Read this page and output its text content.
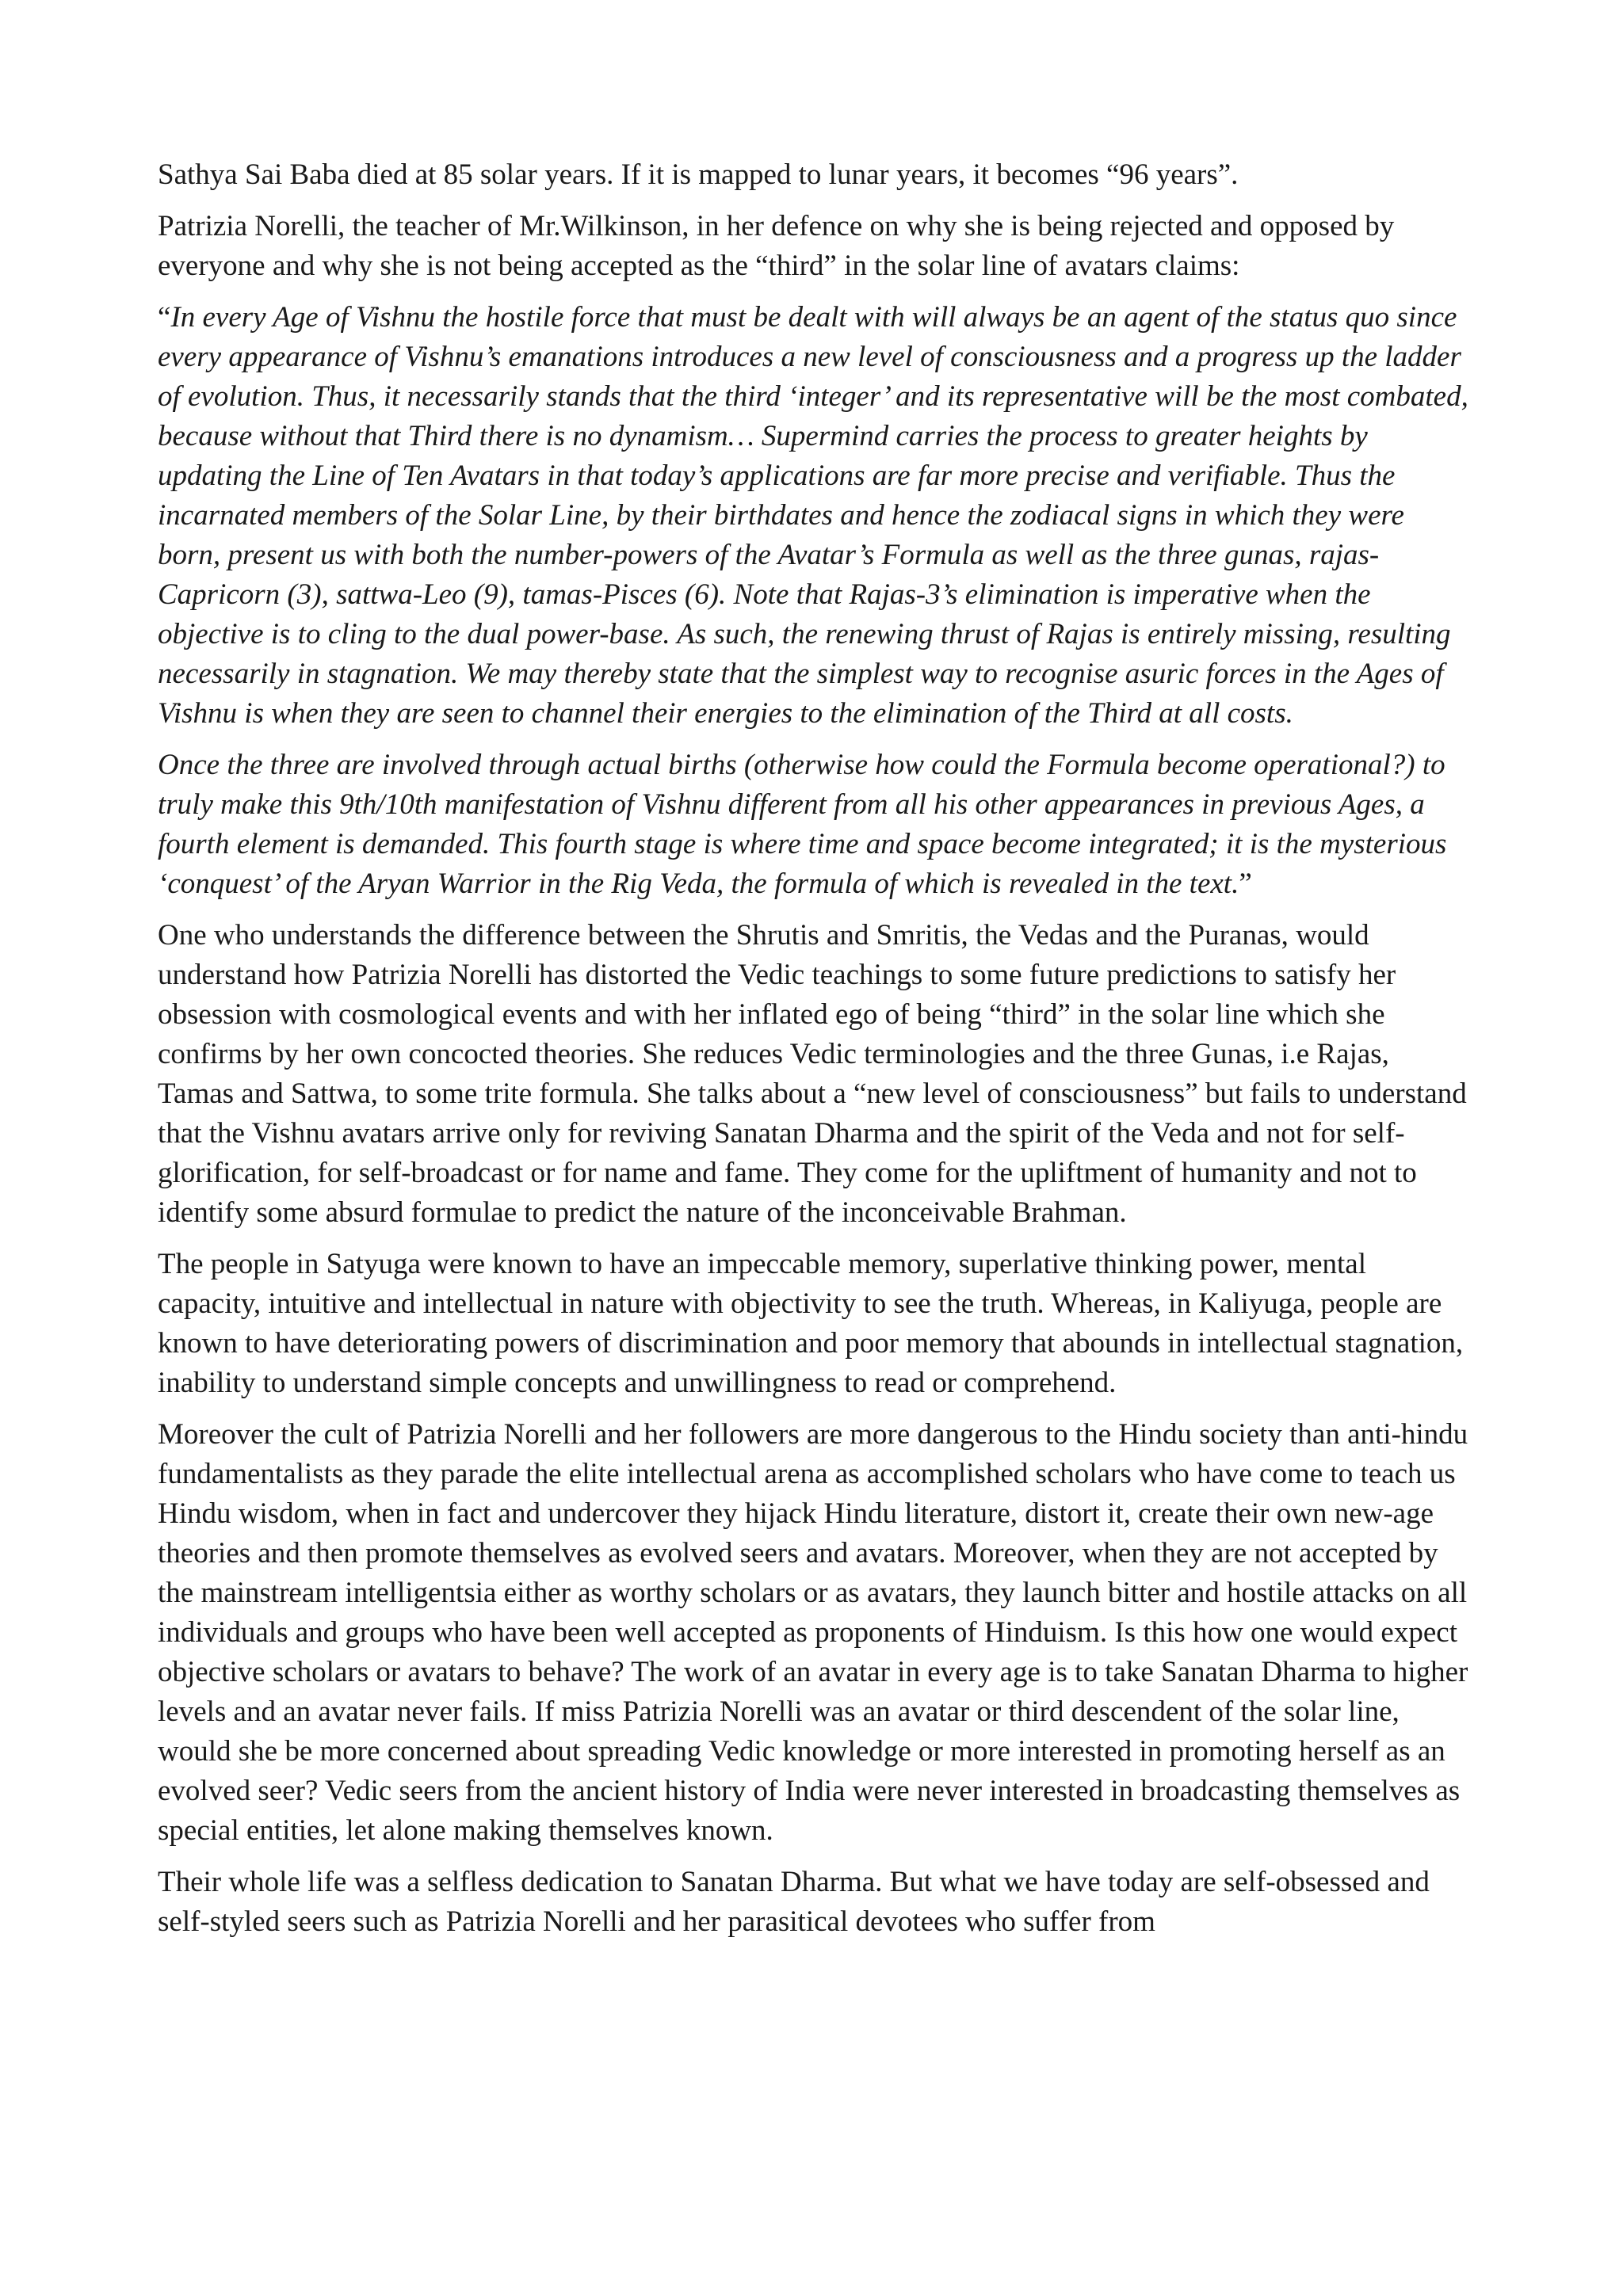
Sathya Sai Baba died at 85 solar years. If it is mapped to lunar years, it becomes “96 years”.

Patrizia Norelli, the teacher of Mr.Wilkinson, in her defence on why she is being rejected and opposed by everyone and why she is not being accepted as the “third” in the solar line of avatars claims:

“In every Age of Vishnu the hostile force that must be dealt with will always be an agent of the status quo since every appearance of Vishnu’s emanations introduces a new level of consciousness and a progress up the ladder of evolution. Thus, it necessarily stands that the third ‘integer’ and its representative will be the most combated, because without that Third there is no dynamism… Supermind carries the process to greater heights by updating the Line of Ten Avatars in that today’s applications are far more precise and verifiable. Thus the incarnated members of the Solar Line, by their birthdates and hence the zodiacal signs in which they were born, present us with both the number-powers of the Avatar’s Formula as well as the three gunas, rajas-Capricorn (3), sattwa-Leo (9), tamas-Pisces (6). Note that Rajas-3’s elimination is imperative when the objective is to cling to the dual power-base. As such, the renewing thrust of Rajas is entirely missing, resulting necessarily in stagnation. We may thereby state that the simplest way to recognise asuric forces in the Ages of Vishnu is when they are seen to channel their energies to the elimination of the Third at all costs.

Once the three are involved through actual births (otherwise how could the Formula become operational?) to truly make this 9th/10th manifestation of Vishnu different from all his other appearances in previous Ages, a fourth element is demanded. This fourth stage is where time and space become integrated; it is the mysterious ‘conquest’ of the Aryan Warrior in the Rig Veda, the formula of which is revealed in the text.”

One who understands the difference between the Shrutis and Smritis, the Vedas and the Puranas, would understand how Patrizia Norelli has distorted the Vedic teachings to some future predictions to satisfy her obsession with cosmological events and with her inflated ego of being “third” in the solar line which she confirms by her own concocted theories. She reduces Vedic terminologies and the three Gunas, i.e Rajas, Tamas and Sattwa, to some trite formula. She talks about a “new level of consciousness” but fails to understand that the Vishnu avatars arrive only for reviving Sanatan Dharma and the spirit of the Veda and not for self-glorification, for self-broadcast or for name and fame. They come for the upliftment of humanity and not to identify some absurd formulae to predict the nature of the inconceivable Brahman.

The people in Satyuga were known to have an impeccable memory, superlative thinking power, mental capacity, intuitive and intellectual in nature with objectivity to see the truth. Whereas, in Kaliyuga, people are known to have deteriorating powers of discrimination and poor memory that abounds in intellectual stagnation, inability to understand simple concepts and unwillingness to read or comprehend.

Moreover the cult of Patrizia Norelli and her followers are more dangerous to the Hindu society than anti-hindu fundamentalists as they parade the elite intellectual arena as accomplished scholars who have come to teach us Hindu wisdom, when in fact and undercover they hijack Hindu literature, distort it, create their own new-age theories and then promote themselves as evolved seers and avatars. Moreover, when they are not accepted by the mainstream intelligentsia either as worthy scholars or as avatars, they launch bitter and hostile attacks on all individuals and groups who have been well accepted as proponents of Hinduism. Is this how one would expect objective scholars or avatars to behave? The work of an avatar in every age is to take Sanatan Dharma to higher levels and an avatar never fails. If miss Patrizia Norelli was an avatar or third descendent of the solar line, would she be more concerned about spreading Vedic knowledge or more interested in promoting herself as an evolved seer? Vedic seers from the ancient history of India were never interested in broadcasting themselves as special entities, let alone making themselves known.

Their whole life was a selfless dedication to Sanatan Dharma. But what we have today are self-obsessed and self-styled seers such as Patrizia Norelli and her parasitical devotees who suffer from
